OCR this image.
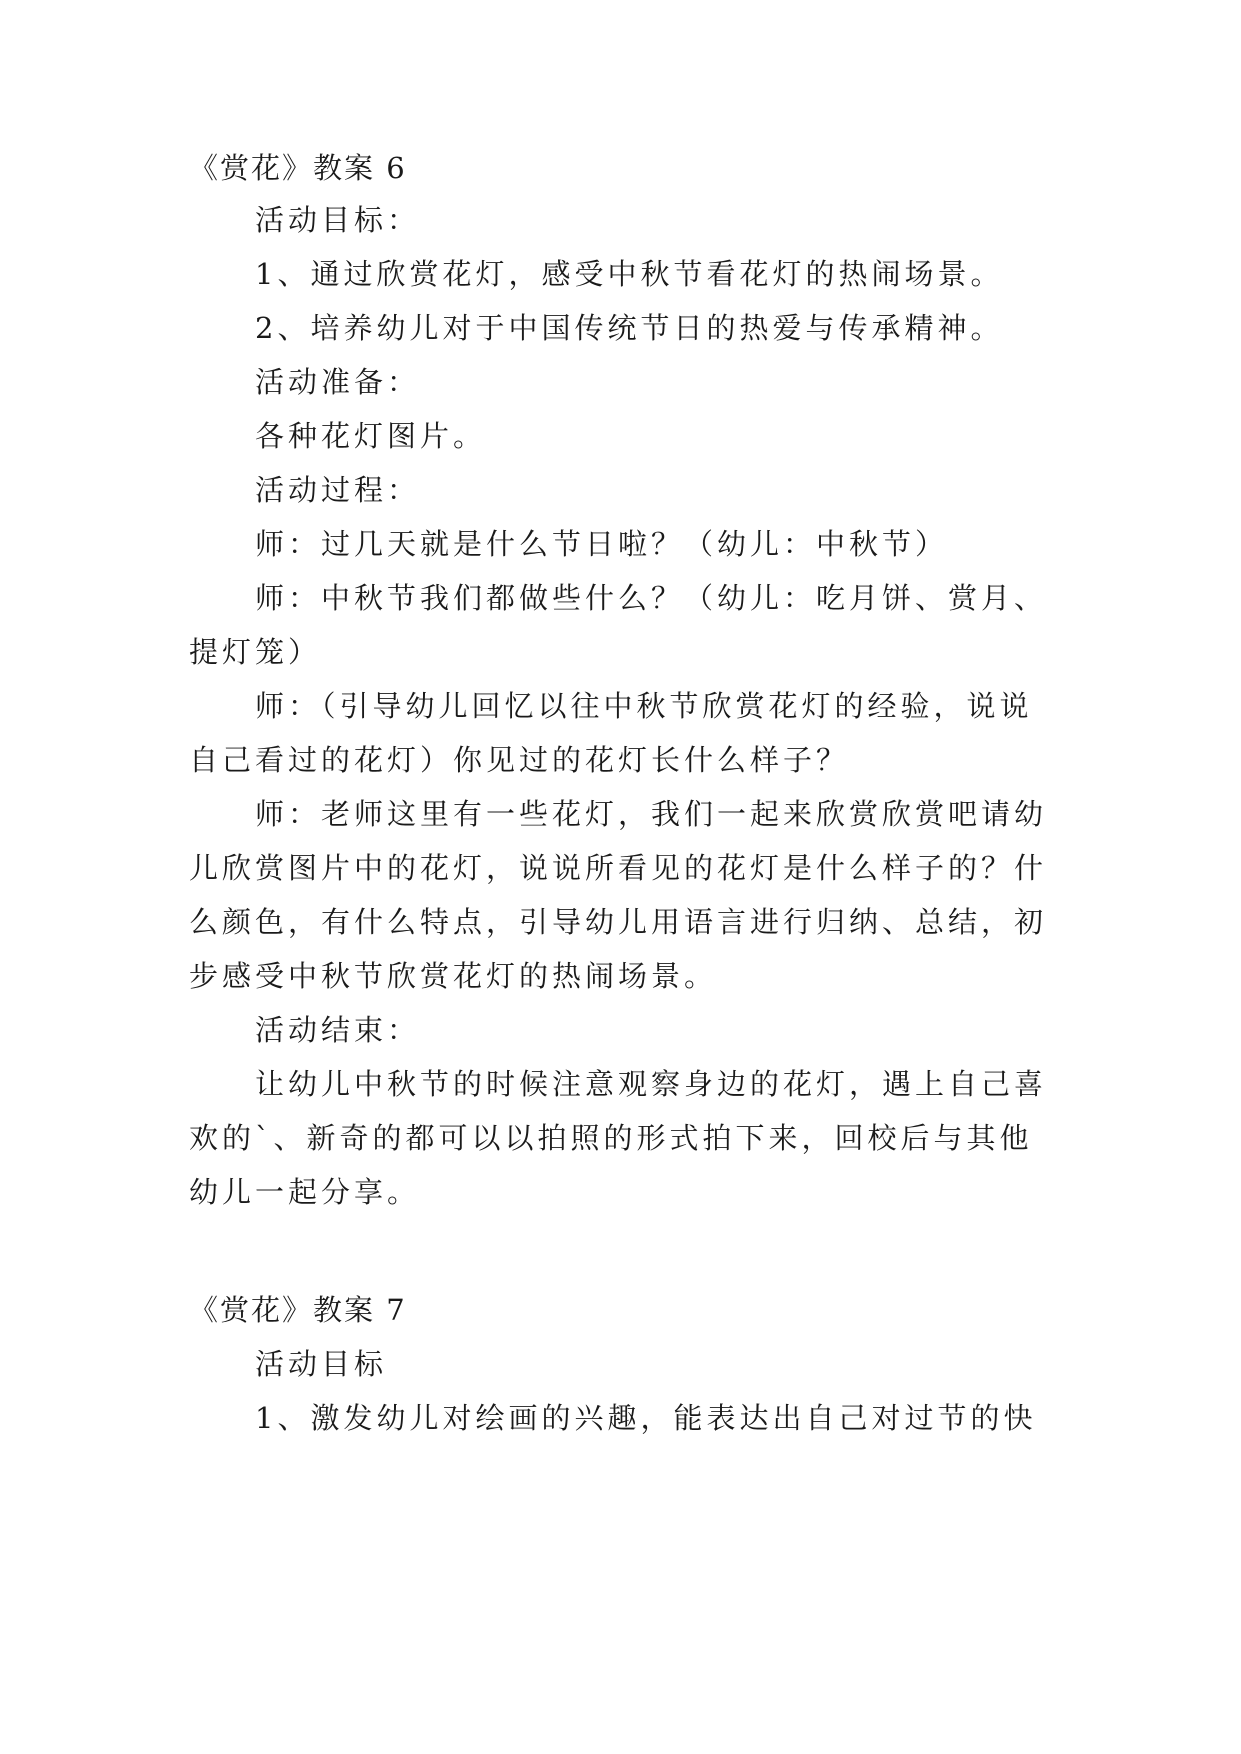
《赏花》教案 6
活动目标：
1、通过欣赏花灯，感受中秋节看花灯的热闹场景。
2、培养幼儿对于中国传统节日的热爱与传承精神。
活动准备：
各种花灯图片。
活动过程：
师：过几天就是什么节日啦？（幼儿：中秋节）
师：中秋节我们都做些什么？（幼儿：吃月饼、赏月、
提灯笼）
师：（引导幼儿回忆以往中秋节欣赏花灯的经验，说说
自己看过的花灯）你见过的花灯长什么样子？
师：老师这里有一些花灯，我们一起来欣赏欣赏吧请幼
儿欣赏图片中的花灯，说说所看见的花灯是什么样子的？什
么颜色，有什么特点，引导幼儿用语言进行归纳、总结，初
步感受中秋节欣赏花灯的热闹场景。
活动结束：
让幼儿中秋节的时候注意观察身边的花灯，遇上自己喜
欢的`、新奇的都可以以拍照的形式拍下来，回校后与其他
幼儿一起分享。
《赏花》教案 7
活动目标
1、激发幼儿对绘画的兴趣，能表达出自己对过节的快
